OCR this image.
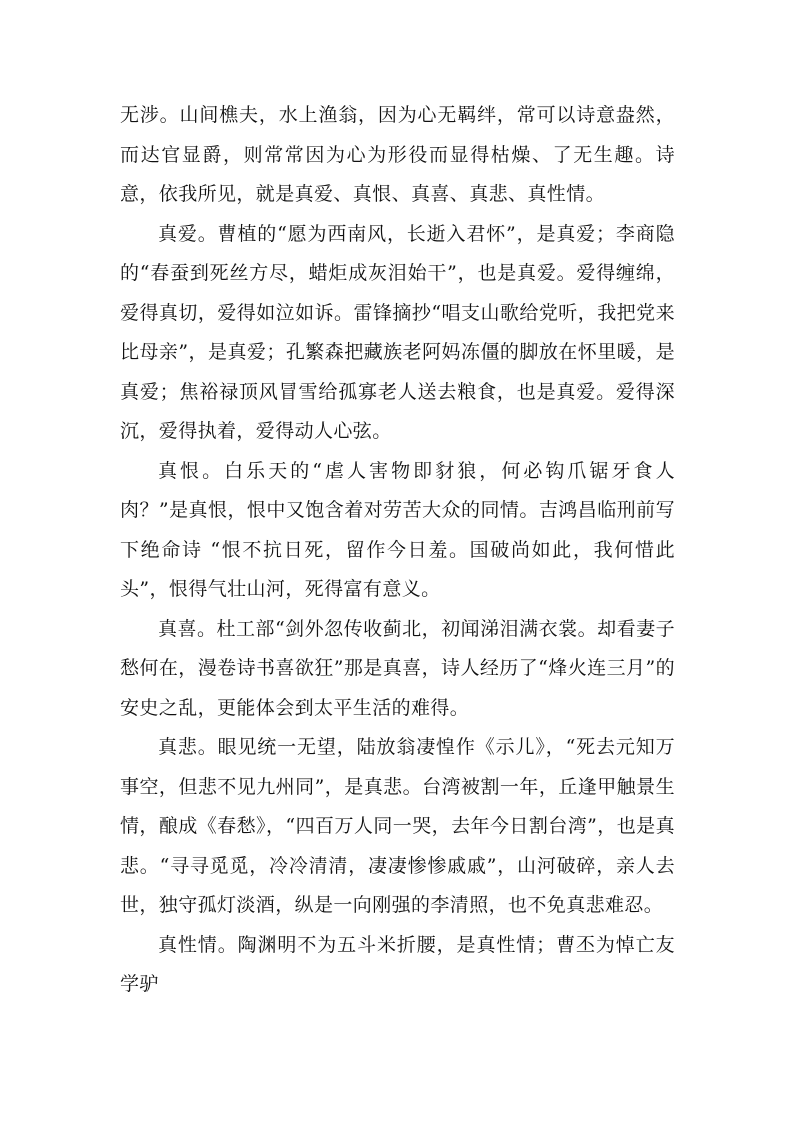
无涉。山间樵夫，水上渔翁，因为心无羁绊，常可以诗意盎然，而达官显爵，则常常因为心为形役而显得枯燥、了无生趣。诗意，依我所见，就是真爱、真恨、真喜、真悲、真性情。

真爱。曹植的“愿为西南风，长逝入君怀”，是真爱；李商隐的“春蚕到死丝方尽，蜡炬成灰泪始干”，也是真爱。爱得缠绵，爱得真切，爱得如泣如诉。雷锋摘抄“唱支山歌给党听，我把党来比母亲”，是真爱；孔繁森把藏族老阿妈冻僵的脚放在怀里暖，是真爱；焦裕禄顶风冒雪给孤寡老人送去粮食，也是真爱。爱得深沉，爱得执着，爱得动人心弦。

真恨。白乐天的“虐人害物即豺狼，何必钩爪锯牙食人肉？”是真恨，恨中又饱含着对劳苦大众的同情。吉鸿昌临刑前写下绝命诗 “恨不抗日死，留作今日羞。国破尚如此，我何惜此头”，恨得气壮山河，死得富有意义。

真喜。杜工部“剑外忽传收蓟北，初闻涕泪满衣裳。却看妻子愁何在，漫卷诗书喜欲狂”那是真喜，诗人经历了“烽火连三月”的安史之乱，更能体会到太平生活的难得。

真悲。眼见统一无望，陆放翁凄惶作《示儿》，“死去元知万事空，但悲不见九州同”，是真悲。台湾被割一年，丘逢甲触景生情，酿成《春愁》，“四百万人同一哭，去年今日割台湾”，也是真悲。“寻寻觅觅，冷冷清清，凄凄惨惨戚戚”，山河破碎，亲人去世，独守孤灯淡酒，纵是一向刚强的李清照，也不免真悲难忍。

真性情。陶渊明不为五斗米折腰，是真性情；曹丕为悼亡友学驴
